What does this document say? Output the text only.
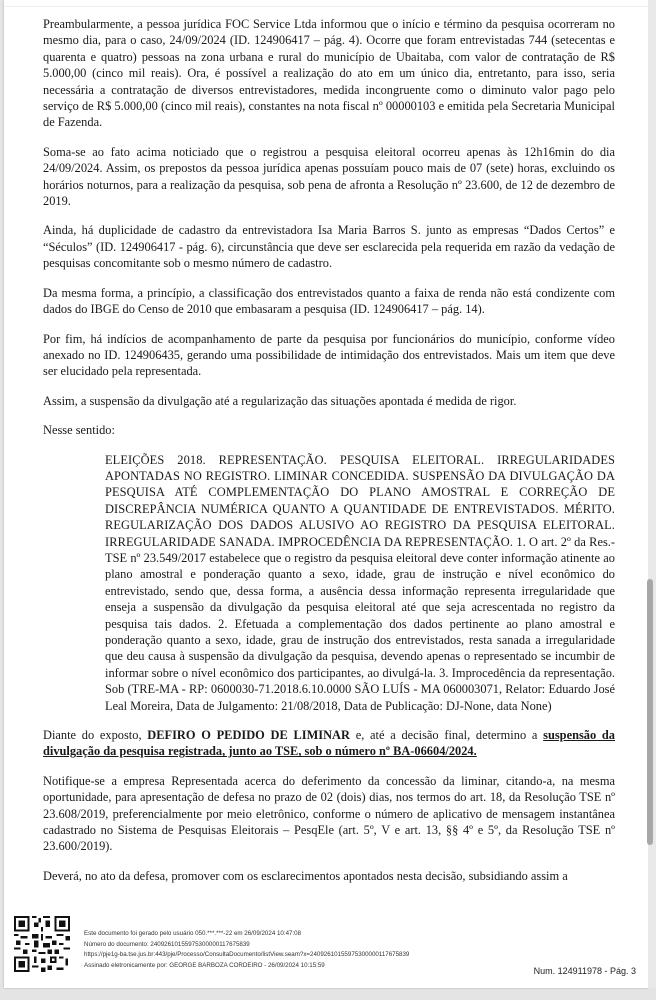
Preambularmente, a pessoa jurídica FOC Service Ltda informou que o início e término da pesquisa ocorreram no mesmo dia, para o caso, 24/09/2024 (ID. 124906417 – pág. 4). Ocorre que foram entrevistadas 744 (setecentas e quarenta e quatro) pessoas na zona urbana e rural do município de Ubaitaba, com valor de contratação de R$ 5.000,00 (cinco mil reais). Ora, é possível a realização do ato em um único dia, entretanto, para isso, seria necessária a contratação de diversos entrevistadores, medida incongruente como o diminuto valor pago pelo serviço de R$ 5.000,00 (cinco mil reais), constantes na nota fiscal nº 00000103 e emitida pela Secretaria Municipal de Fazenda.

Soma-se ao fato acima noticiado que o registrou a pesquisa eleitoral ocorreu apenas às 12h16min do dia 24/09/2024. Assim, os prepostos da pessoa jurídica apenas possuíam pouco mais de 07 (sete) horas, excluindo os horários noturnos, para a realização da pesquisa, sob pena de afronta a Resolução nº 23.600, de 12 de dezembro de 2019.

Ainda, há duplicidade de cadastro da entrevistadora Isa Maria Barros S. junto as empresas “Dados Certos” e “Séculos” (ID. 124906417 - pág. 6), circunstância que deve ser esclarecida pela requerida em razão da vedação de pesquisas concomitante sob o mesmo número de cadastro.

Da mesma forma, a princípio, a classificação dos entrevistados quanto a faixa de renda não está condizente com dados do IBGE do Censo de 2010 que embasaram a pesquisa (ID. 124906417 – pág. 14).

Por fim, há indícios de acompanhamento de parte da pesquisa por funcionários do município, conforme vídeo anexado no ID. 124906435, gerando uma possibilidade de intimidação dos entrevistados. Mais um item que deve ser elucidado pela representada.

Assim, a suspensão da divulgação até a regularização das situações apontada é medida de rigor.

Nesse sentido:

ELEIÇÕES 2018. REPRESENTAÇÃO. PESQUISA ELEITORAL. IRREGULARIDADES APONTADAS NO REGISTRO. LIMINAR CONCEDIDA. SUSPENSÃO DA DIVULGAÇÃO DA PESQUISA ATÉ COMPLEMENTAÇÃO DO PLANO AMOSTRAL E CORREÇÃO DE DISCREPÂNCIA NUMÉRICA QUANTO A QUANTIDADE DE ENTREVISTADOS. MÉRITO. REGULARIZAÇÃO DOS DADOS ALUSIVO AO REGISTRO DA PESQUISA ELEITORAL. IRREGULARIDADE SANADA. IMPROCEDÊNCIA DA REPRESENTAÇÃO. 1. O art. 2º da Res.-TSE nº 23.549/2017 estabelece que o registro da pesquisa eleitoral deve conter informação atinente ao plano amostral e ponderação quanto a sexo, idade, grau de instrução e nível econômico do entrevistado, sendo que, dessa forma, a ausência dessa informação representa irregularidade que enseja a suspensão da divulgação da pesquisa eleitoral até que seja acrescentada no registro da pesquisa tais dados. 2. Efetuada a complementação dos dados pertinente ao plano amostral e ponderação quanto a sexo, idade, grau de instrução dos entrevistados, resta sanada a irregularidade que deu causa à suspensão da divulgação da pesquisa, devendo apenas o representado se incumbir de informar sobre o nível econômico dos participantes, ao divulgá-la. 3. Improcedência da representação. Sob (TRE-MA - RP: 0600030-71.2018.6.10.0000 SÃO LUÍS - MA 060003071, Relator: Eduardo José Leal Moreira, Data de Julgamento: 21/08/2018, Data de Publicação: DJ-None, data None)

Diante do exposto, DEFIRO O PEDIDO DE LIMINAR e, até a decisão final, determino a suspensão da divulgação da pesquisa registrada, junto ao TSE, sob o número nº BA-06604/2024.

Notifique-se a empresa Representada acerca do deferimento da concessão da liminar, citando-a, na mesma oportunidade, para apresentação de defesa no prazo de 02 (dois) dias, nos termos do art. 18, da Resolução TSE nº 23.608/2019, preferencialmente por meio eletrônico, conforme o número de aplicativo de mensagem instantânea cadastrado no Sistema de Pesquisas Eleitorais – PesqEle (art. 5º, V e art. 13, §§ 4º e 5º, da Resolução TSE nº 23.600/2019).

Deverá, no ato da defesa, promover com os esclarecimentos apontados nesta decisão, subsidiando assim a

Este documento foi gerado pelo usuário 050.***.***-22 em 26/09/2024 10:47:08
Número do documento: 24092610155975300000117675839
https://pje1g-ba.tse.jus.br:443/pje/Processo/ConsultaDocumento/listView.seam?x=24092610155975300000117675839
Assinado eletronicamente por: GEORGE BARBOZA CORDEIRO - 26/09/2024 10:15:59
Num. 124911978 - Pág. 3
